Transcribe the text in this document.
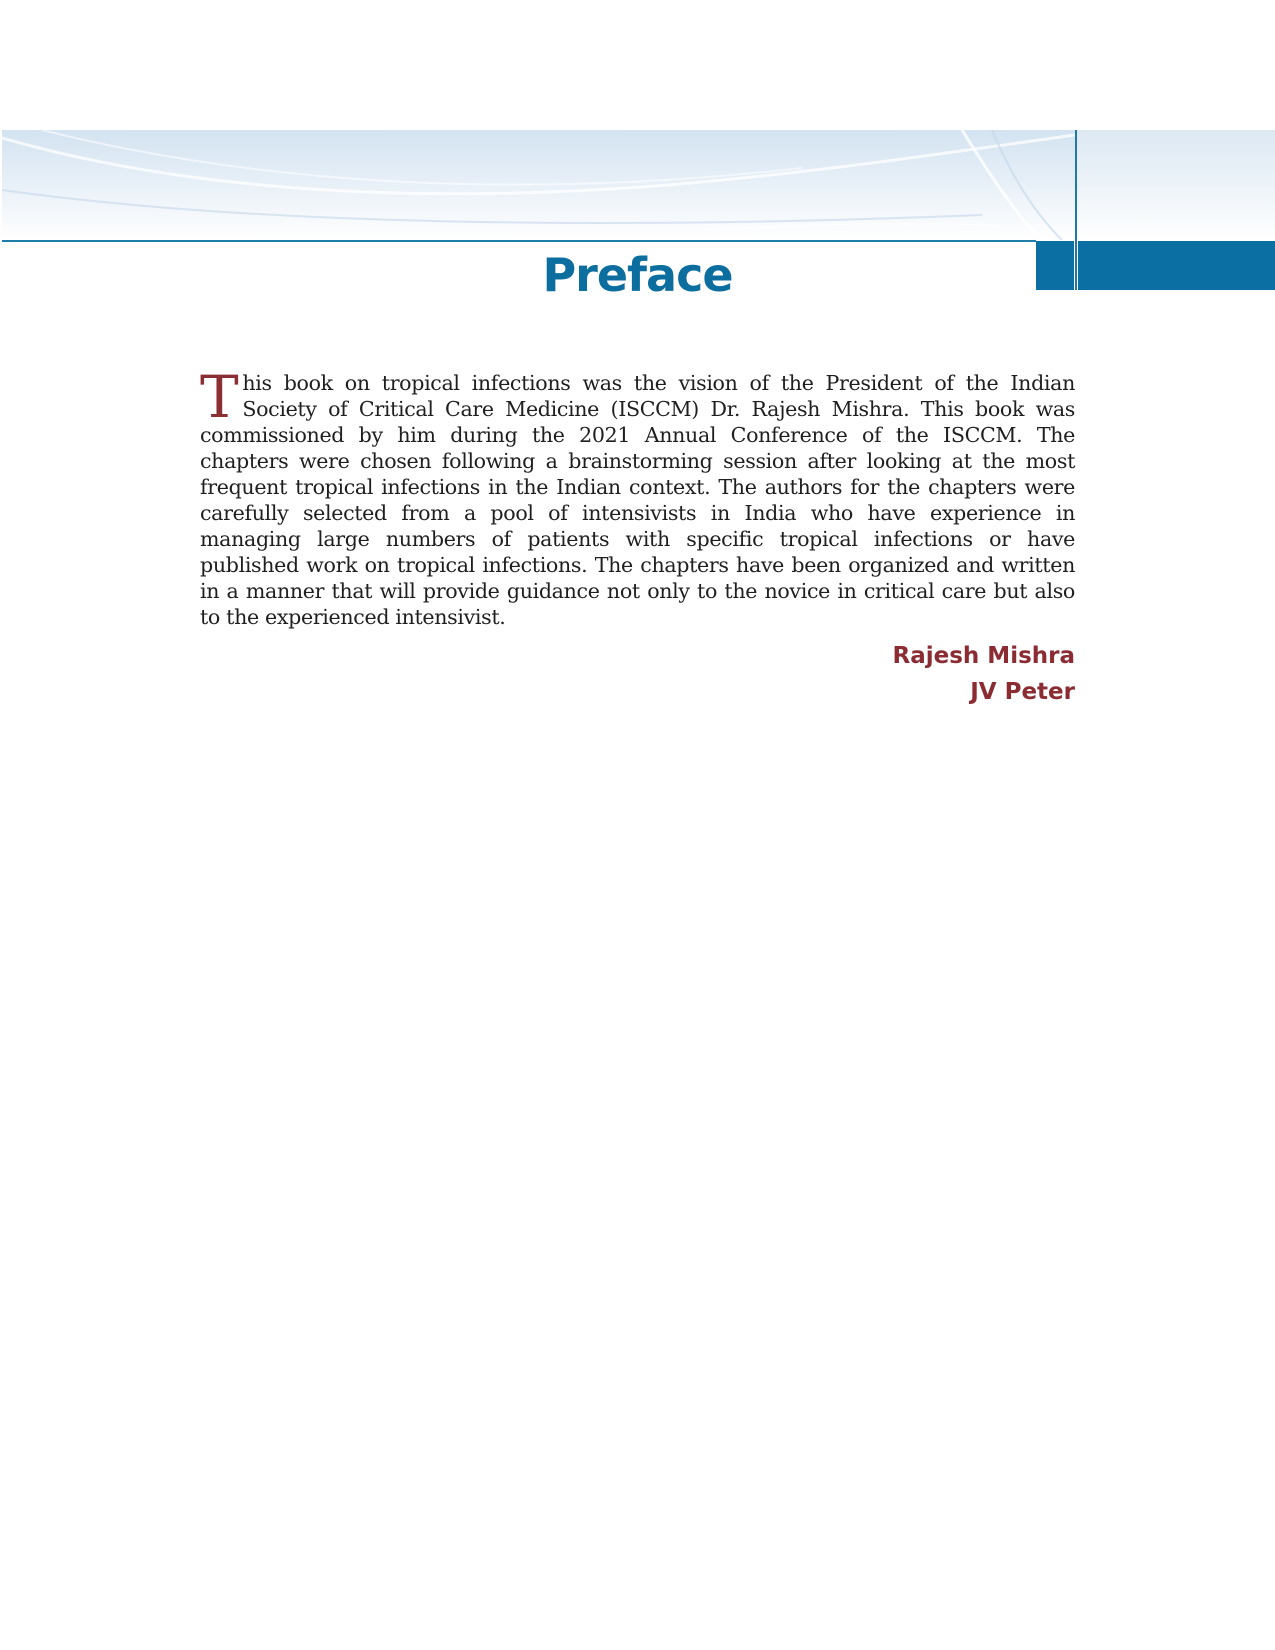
Preface

This book on tropical infections was the vision of the President of the Indian Society of Critical Care Medicine (ISCCM) Dr. Rajesh Mishra. This book was commissioned by him during the 2021 Annual Conference of the ISCCM. The chapters were chosen following a brainstorming session after looking at the most frequent tropical infections in the Indian context. The authors for the chapters were carefully selected from a pool of intensivists in India who have experience in managing large numbers of patients with specific tropical infections or have published work on tropical infections. The chapters have been organized and written in a manner that will provide guidance not only to the novice in critical care but also to the experienced intensivist.

Rajesh Mishra
JV Peter
